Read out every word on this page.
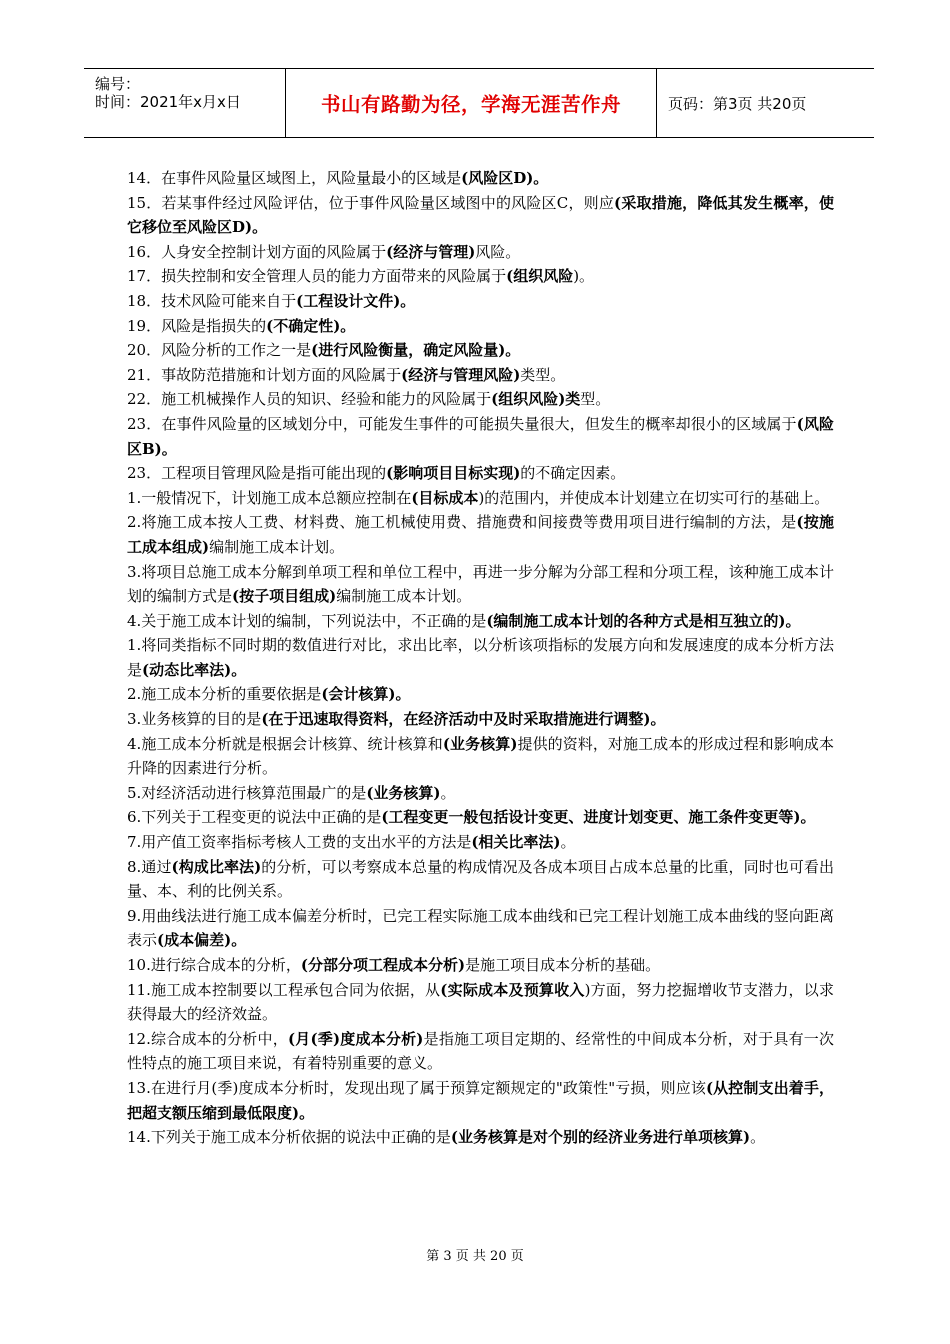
编号：
时间：2021年x月x日	书山有路勤为径，学海无涯苦作舟	页码：第3页 共20页

14．在事件风险量区域图上，风险量最小的区域是(风险区D)。

15．若某事件经过风险评估，位于事件风险量区域图中的风险区C，则应(采取措施，降低其发生概率，使它移位至风险区D)。

16．人身安全控制计划方面的风险属于(经济与管理)风险。

17．损失控制和安全管理人员的能力方面带来的风险属于(组织风险)。

18．技术风险可能来自于(工程设计文件)。

19．风险是指损失的(不确定性)。

20．风险分析的工作之一是(进行风险衡量，确定风险量)。

21．事故防范措施和计划方面的风险属于(经济与管理风险)类型。

22．施工机械操作人员的知识、经验和能力的风险属于(组织风险)类型。

23．在事件风险量的区域划分中，可能发生事件的可能损失量很大，但发生的概率却很小的区域属于(风险区B)。

23．工程项目管理风险是指可能出现的(影响项目目标实现)的不确定因素。

1.一般情况下，计划施工成本总额应控制在(目标成本)的范围内，并使成本计划建立在切实可行的基础上。

2.将施工成本按人工费、材料费、施工机械使用费、措施费和间接费等费用项目进行编制的方法，是(按施工成本组成)编制施工成本计划。

3.将项目总施工成本分解到单项工程和单位工程中，再进一步分解为分部工程和分项工程，该种施工成本计划的编制方式是(按子项目组成)编制施工成本计划。

4.关于施工成本计划的编制，下列说法中，不正确的是(编制施工成本计划的各种方式是相互独立的)。

1.将同类指标不同时期的数值进行对比，求出比率，以分析该项指标的发展方向和发展速度的成本分析方法是(动态比率法)。

2.施工成本分析的重要依据是(会计核算)。

3.业务核算的目的是(在于迅速取得资料，在经济活动中及时采取措施进行调整)。

4.施工成本分析就是根据会计核算、统计核算和(业务核算)提供的资料，对施工成本的形成过程和影响成本升降的因素进行分析。

5.对经济活动进行核算范围最广的是(业务核算)。

6.下列关于工程变更的说法中正确的是(工程变更一般包括设计变更、进度计划变更、施工条件变更等)。

7.用产值工资率指标考核人工费的支出水平的方法是(相关比率法)。

8.通过(构成比率法)的分析，可以考察成本总量的构成情况及各成本项目占成本总量的比重，同时也可看出量、本、利的比例关系。

9.用曲线法进行施工成本偏差分析时，已完工程实际施工成本曲线和已完工程计划施工成本曲线的竖向距离表示(成本偏差)。

10.进行综合成本的分析，(分部分项工程成本分析)是施工项目成本分析的基础。

11.施工成本控制要以工程承包合同为依据，从(实际成本及预算收入)方面，努力挖掘增收节支潜力，以求获得最大的经济效益。

12.综合成本的分析中，(月(季)度成本分析)是指施工项目定期的、经常性的中间成本分析，对于具有一次性特点的施工项目来说，有着特别重要的意义。

13.在进行月(季)度成本分析时，发现出现了属于预算定额规定的"政策性"亏损，则应该(从控制支出着手，把超支额压缩到最低限度)。

14.下列关于施工成本分析依据的说法中正确的是(业务核算是对个别的经济业务进行单项核算)。

第 3 页 共 20 页
